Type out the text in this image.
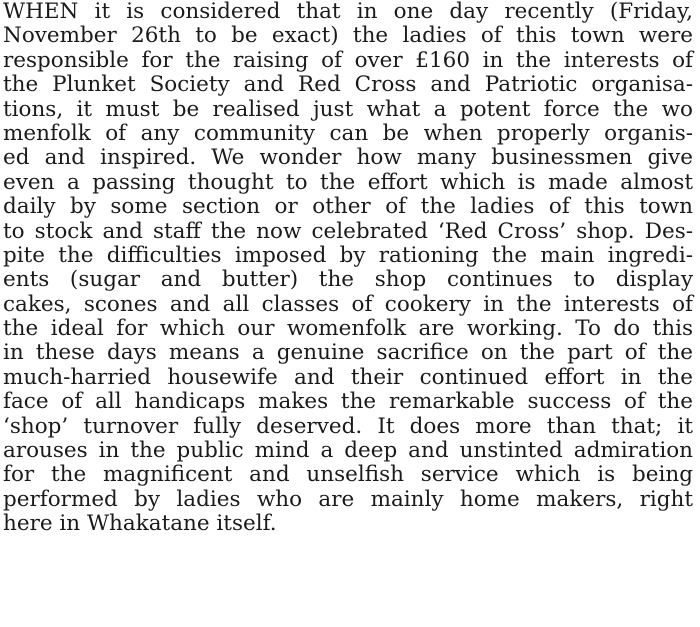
WHEN it is considered that in one day recently (Friday,
November 26th to be exact) the ladies of this town were
responsible for the raising of over £160 in the interests of
the Plunket Society and Red Cross and Patriotic organisa-
tions, it must be realised just what a potent force the wo
menfolk of any community can be when properly organis-
ed and inspired. We wonder how many businessmen give
even a passing thought to the effort which is made almost
daily by some section or other of the ladies of this town
to stock and staff the now celebrated ‘Red Cross’ shop. Des-
pite the difficulties imposed by rationing the main ingredi-
ents (sugar and butter) the shop continues to display
cakes, scones and all classes of cookery in the interests of
the ideal for which our womenfolk are working. To do this
in these days means a genuine sacrifice on the part of the
much-harried housewife and their continued effort in the
face of all handicaps makes the remarkable success of the
‘shop’ turnover fully deserved. It does more than that; it
arouses in the public mind a deep and unstinted admiration
for the magnificent and unselfish service which is being
performed by ladies who are mainly home makers, right
here in Whakatane itself.
